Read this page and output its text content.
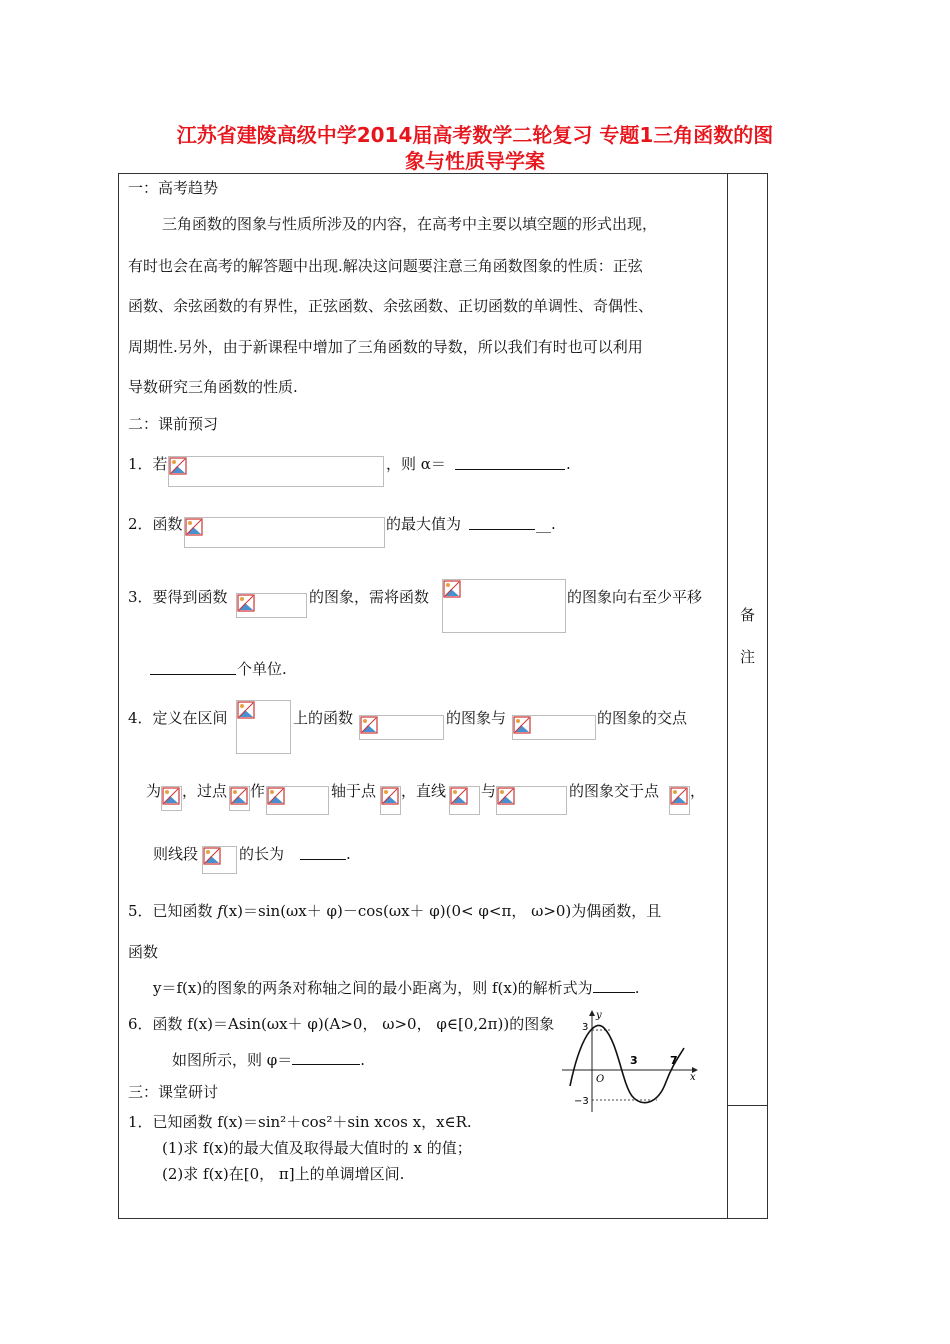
江苏省建陵高级中学2014届高考数学二轮复习 专题1三角函数的图
象与性质导学案
备
注
一：高考趋势
三角函数的图象与性质所涉及的内容，在高考中主要以填空题的形式出现，
有时也会在高考的解答题中出现.解决这问题要注意三角函数图象的性质：正弦
函数、余弦函数的有界性，正弦函数、余弦函数、正切函数的单调性、奇偶性、
周期性.另外，由于新课程中增加了三角函数的导数，所以我们有时也可以利用
导数研究三角函数的性质.
二：课前预习
1．若	，则 α＝	.
2．函数	的最大值为	__.
3．要得到函数	的图象，需将函数	的图象向右至少平移
个单位.
4．定义在区间	上的函数	的图象与	的图象的交点
为 ，过点 作	轴于点 ，直线 与	的图象交于点 ，
则线段	的长为	.
5．已知函数 f(x)＝sin(ωx＋ φ)－cos(ωx＋ φ)(0< φ<π， ω>0)为偶函数，且
函数
y＝f(x)的图象的两条对称轴之间的最小距离为，则 f(x)的解析式为	.
6．函数 f(x)＝Asin(ωx＋ φ)(A>0， ω>0， φ∈[0,2π))的图象
如图所示，则 φ＝	.
3
−3
3	7
O	x
y
三：课堂研讨
1．已知函数 f(x)＝sin²＋cos²＋sin xcos x，x∈R.
(1)求 f(x)的最大值及取得最大值时的 x 的值；
(2)求 f(x)在[0， π]上的单调增区间.
